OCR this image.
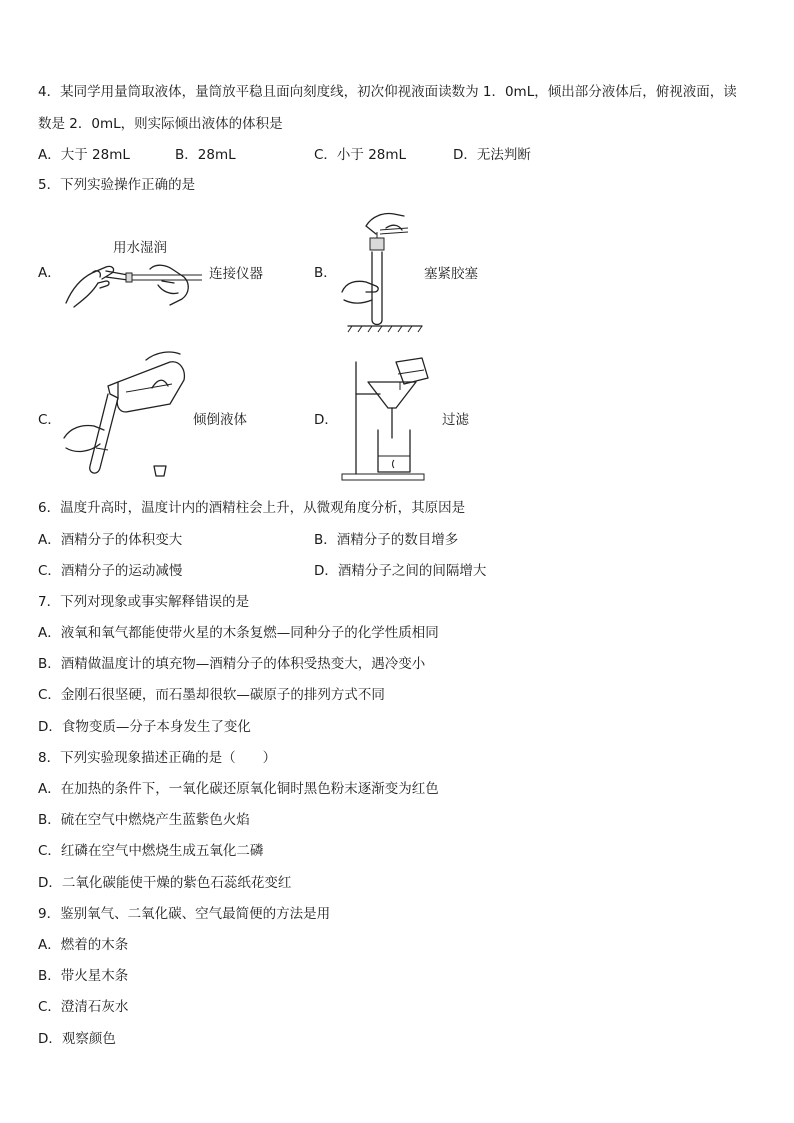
4．某同学用量筒取液体，量筒放平稳且面向刻度线，初次仰视液面读数为 1．0mL，倾出部分液体后，俯视液面，读
数是 2．0mL，则实际倾出液体的体积是
A．大于 28mL	B．28mL	C．小于 28mL	D．无法判断
5．下列实验操作正确的是
A．
用水湿润
连接仪器	B．	塞紧胶塞
C．	倾倒液体	D．	过滤
6．温度升高时，温度计内的酒精柱会上升，从微观角度分析，其原因是
A．酒精分子的体积变大	B．酒精分子的数目增多
C．酒精分子的运动减慢	D．酒精分子之间的间隔增大
7．下列对现象或事实解释错误的是
A．液氧和氧气都能使带火星的木条复燃—同种分子的化学性质相同
B．酒精做温度计的填充物—酒精分子的体积受热变大，遇冷变小
C．金刚石很坚硬，而石墨却很软—碳原子的排列方式不同
D．食物变质—分子本身发生了变化
8．下列实验现象描述正确的是（　　）
A．在加热的条件下，一氧化碳还原氧化铜时黑色粉末逐渐变为红色
B．硫在空气中燃烧产生蓝紫色火焰
C．红磷在空气中燃烧生成五氧化二磷
D．二氧化碳能使干燥的紫色石蕊纸花变红
9．鉴别氧气、二氧化碳、空气最简便的方法是用
A．燃着的木条
B．带火星木条
C．澄清石灰水
D．观察颜色
